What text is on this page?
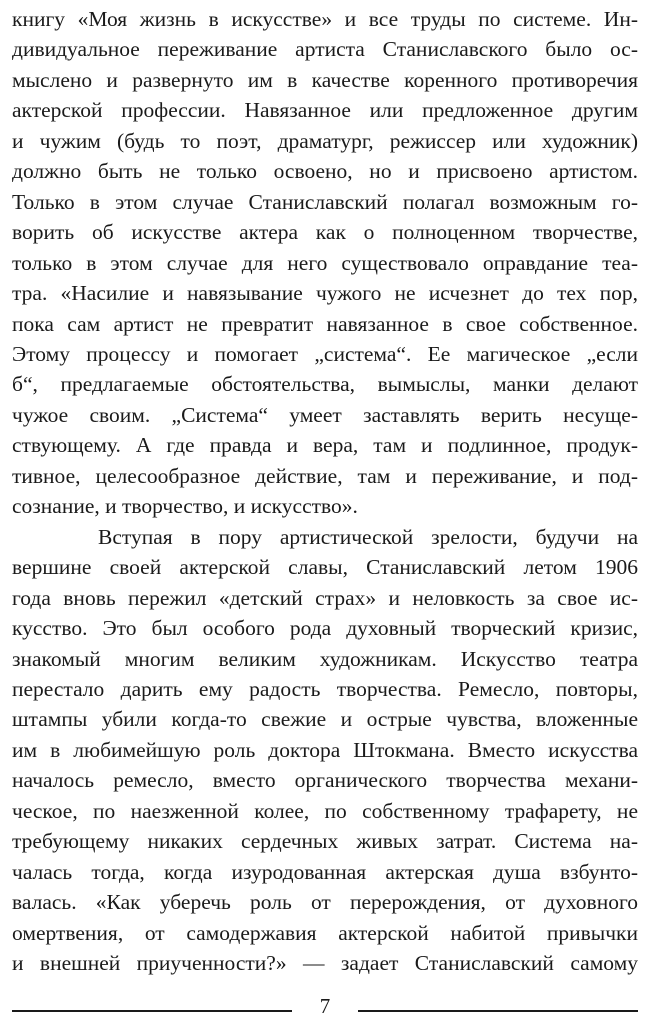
книгу «Моя жизнь в искусстве» и все труды по системе. Ин-
дивидуальное переживание артиста Станиславского было ос-
мыслено и развернуто им в качестве коренного противоречия
актерской профессии. Навязанное или предложенное другим
и чужим (будь то поэт, драматург, режиссер или художник)
должно быть не только освоено, но и присвоено артистом.
Только в этом случае Станиславский полагал возможным го-
ворить об искусстве актера как о полноценном творчестве,
только в этом случае для него существовало оправдание теа-
тра. «Насилие и навязывание чужого не исчезнет до тех пор,
пока сам артист не превратит навязанное в свое собственное.
Этому процессу и помогает „система“. Ее магическое „если
б“, предлагаемые обстоятельства, вымыслы, манки делают
чужое своим. „Система“ умеет заставлять верить несуще-
ствующему. А где правда и вера, там и подлинное, продук-
тивное, целесообразное действие, там и переживание, и под-
сознание, и творчество, и искусство».

Вступая в пору артистической зрелости, будучи на
вершине своей актерской славы, Станиславский летом 1906
года вновь пережил «детский страх» и неловкость за свое ис-
кусство. Это был особого рода духовный творческий кризис,
знакомый многим великим художникам. Искусство театра
перестало дарить ему радость творчества. Ремесло, повторы,
штампы убили когда-то свежие и острые чувства, вложенные
им в любимейшую роль доктора Штокмана. Вместо искусства
началось ремесло, вместо органического творчества механи-
ческое, по наезженной колее, по собственному трафарету, не
требующему никаких сердечных живых затрат. Система на-
чалась тогда, когда изуродованная актерская душа взбунто-
валась. «Как уберечь роль от перерождения, от духовного
омертвения, от самодержавия актерской набитой привычки
и внешней приученности?» — задает Станиславский самому

7
